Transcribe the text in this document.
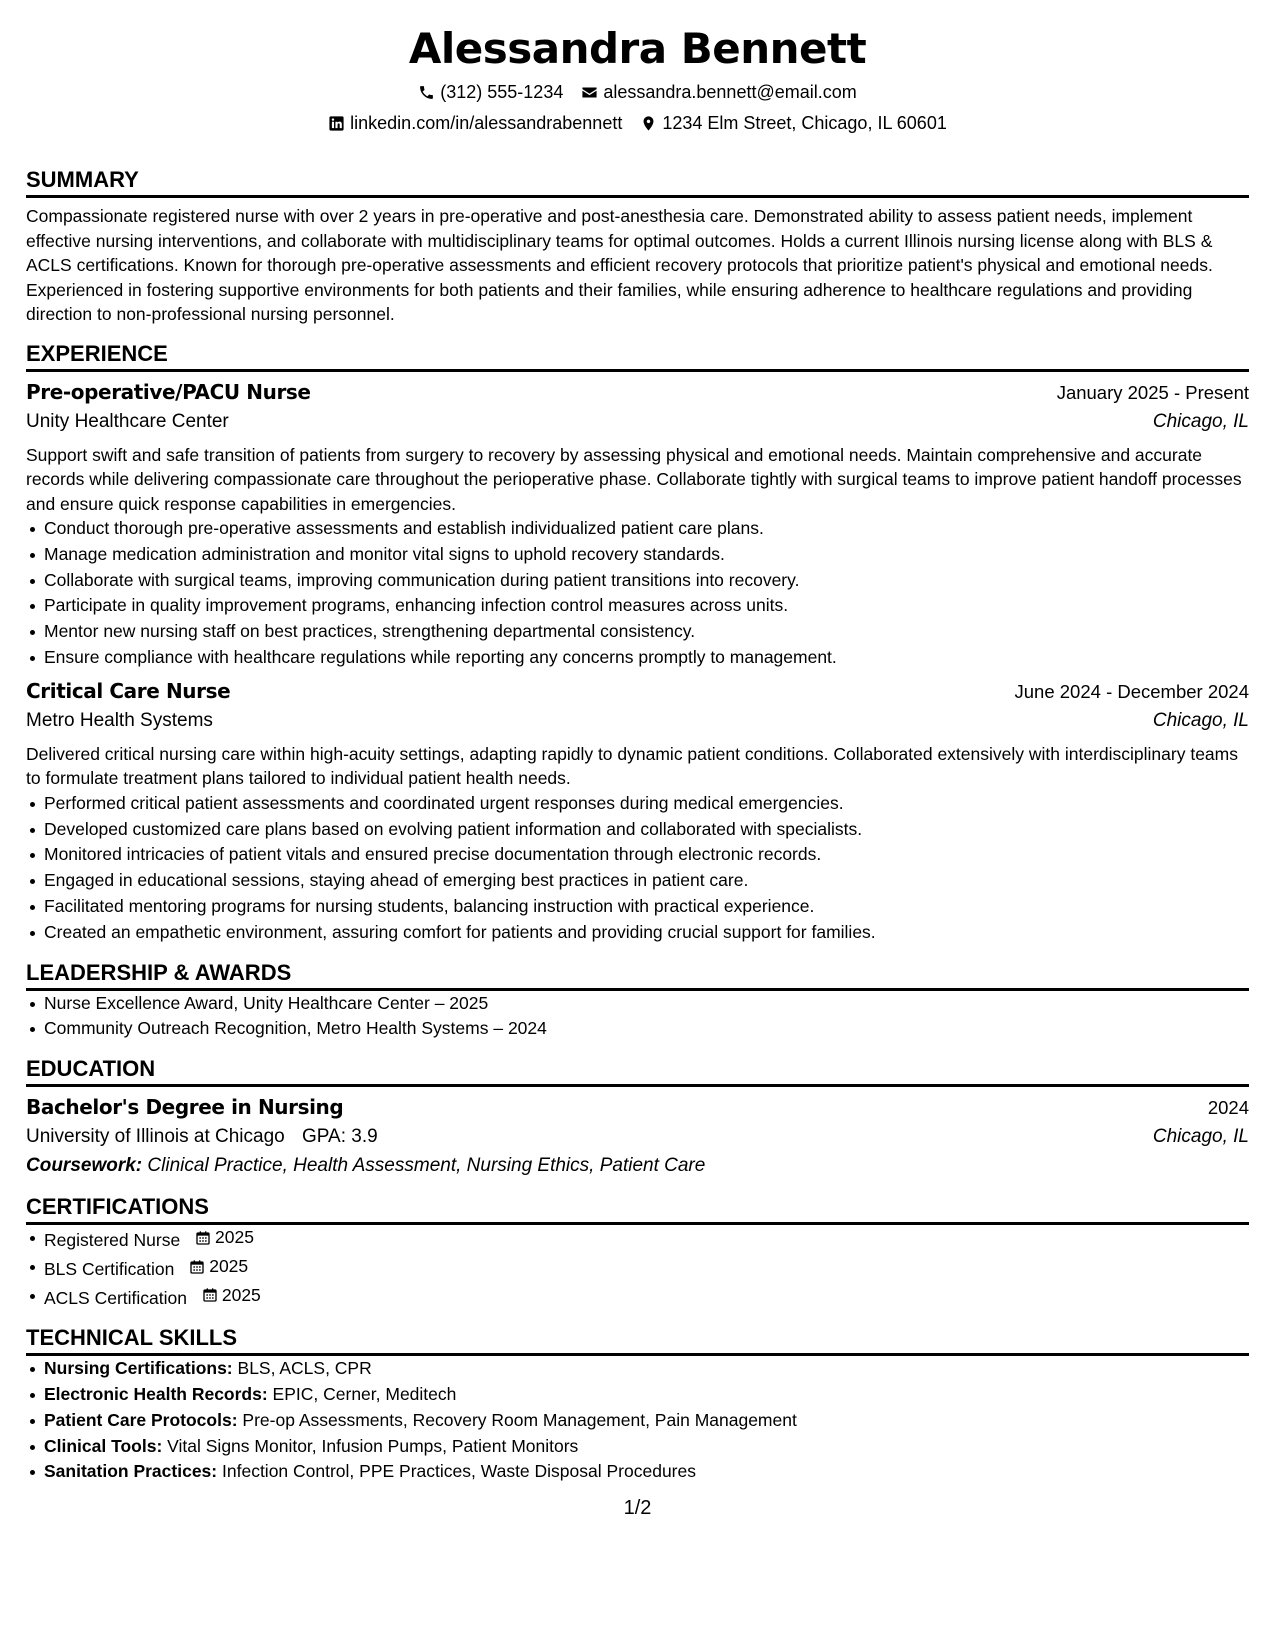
Alessandra Bennett
(312) 555-1234 alessandra.bennett@email.com
linkedin.com/in/alessandrabennett 1234 Elm Street, Chicago, IL 60601
SUMMARY

Compassionate registered nurse with over 2 years in pre-operative and post-anesthesia care. Demonstrated ability to assess patient needs, implement effective nursing interventions, and collaborate with multidisciplinary teams for optimal outcomes. Holds a current Illinois nursing license along with BLS & ACLS certifications. Known for thorough pre-operative assessments and efficient recovery protocols that prioritize patient's physical and emotional needs. Experienced in fostering supportive environments for both patients and their families, while ensuring adherence to healthcare regulations and providing direction to non-professional nursing personnel.

EXPERIENCE
Pre-operative/PACU Nurse	January 2025 - Present
Unity Healthcare Center	Chicago, IL

Support swift and safe transition of patients from surgery to recovery by assessing physical and emotional needs. Maintain comprehensive and accurate records while delivering compassionate care throughout the perioperative phase. Collaborate tightly with surgical teams to improve patient handoff processes and ensure quick response capabilities in emergencies.

Conduct thorough pre-operative assessments and establish individualized patient care plans.
Manage medication administration and monitor vital signs to uphold recovery standards.
Collaborate with surgical teams, improving communication during patient transitions into recovery.
Participate in quality improvement programs, enhancing infection control measures across units.
Mentor new nursing staff on best practices, strengthening departmental consistency.
Ensure compliance with healthcare regulations while reporting any concerns promptly to management.
Critical Care Nurse	June 2024 - December 2024
Metro Health Systems	Chicago, IL

Delivered critical nursing care within high-acuity settings, adapting rapidly to dynamic patient conditions. Collaborated extensively with interdisciplinary teams to formulate treatment plans tailored to individual patient health needs.

Performed critical patient assessments and coordinated urgent responses during medical emergencies.
Developed customized care plans based on evolving patient information and collaborated with specialists.
Monitored intricacies of patient vitals and ensured precise documentation through electronic records.
Engaged in educational sessions, staying ahead of emerging best practices in patient care.
Facilitated mentoring programs for nursing students, balancing instruction with practical experience.
Created an empathetic environment, assuring comfort for patients and providing crucial support for families.
LEADERSHIP & AWARDS
Nurse Excellence Award, Unity Healthcare Center – 2025
Community Outreach Recognition, Metro Health Systems – 2024
EDUCATION
Bachelor's Degree in Nursing	2024
University of Illinois at Chicago GPA: 3.9	Chicago, IL
Coursework: Clinical Practice, Health Assessment, Nursing Ethics, Patient Care
CERTIFICATIONS
Registered Nurse 2025
BLS Certification 2025
ACLS Certification 2025
TECHNICAL SKILLS
Nursing Certifications: BLS, ACLS, CPR
Electronic Health Records: EPIC, Cerner, Meditech
Patient Care Protocols: Pre-op Assessments, Recovery Room Management, Pain Management
Clinical Tools: Vital Signs Monitor, Infusion Pumps, Patient Monitors
Sanitation Practices: Infection Control, PPE Practices, Waste Disposal Procedures
1/2
